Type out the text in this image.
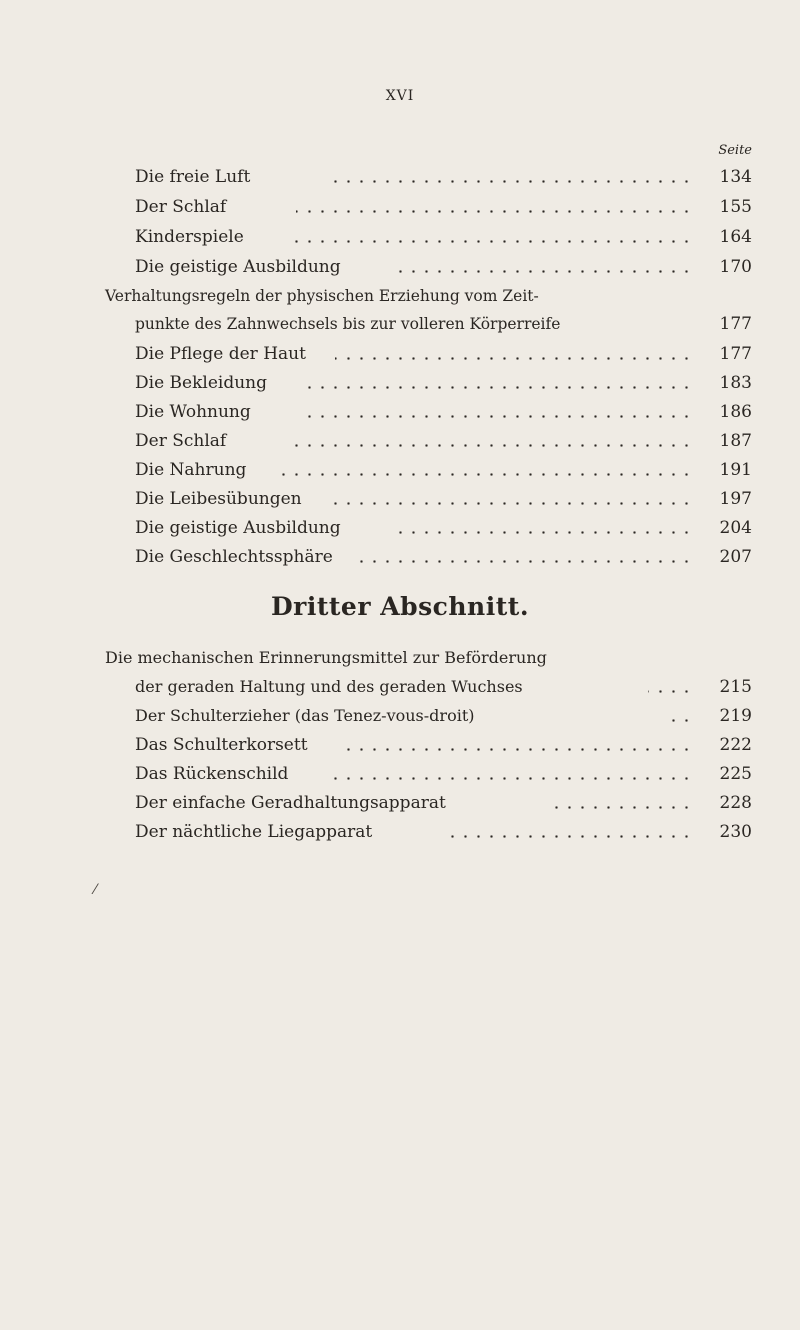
XVI
Seite
Die freie Luft	134
Der Schlaf	155
Kinderspiele	164
Die geistige Ausbildung	170
Verhaltungsregeln der physischen Erziehung vom Zeit-
punkte des Zahnwechsels bis zur volleren Körperreife	177
Die Pflege der Haut	177
Die Bekleidung	183
Die Wohnung	186
Der Schlaf	187
Die Nahrung	191
Die Leibesübungen	197
Die geistige Ausbildung	204
Die Geschlechtssphäre	207
Dritter Abschnitt.
Die mechanischen Erinnerungsmittel zur Beförderung
der geraden Haltung und des geraden Wuchses	215
Der Schulterzieher (das Tenez-vous-droit)	219
Das Schulterkorsett	222
Das Rückenschild	225
Der einfache Geradhaltungsapparat	228
Der nächtliche Liegapparat	230
⁄
